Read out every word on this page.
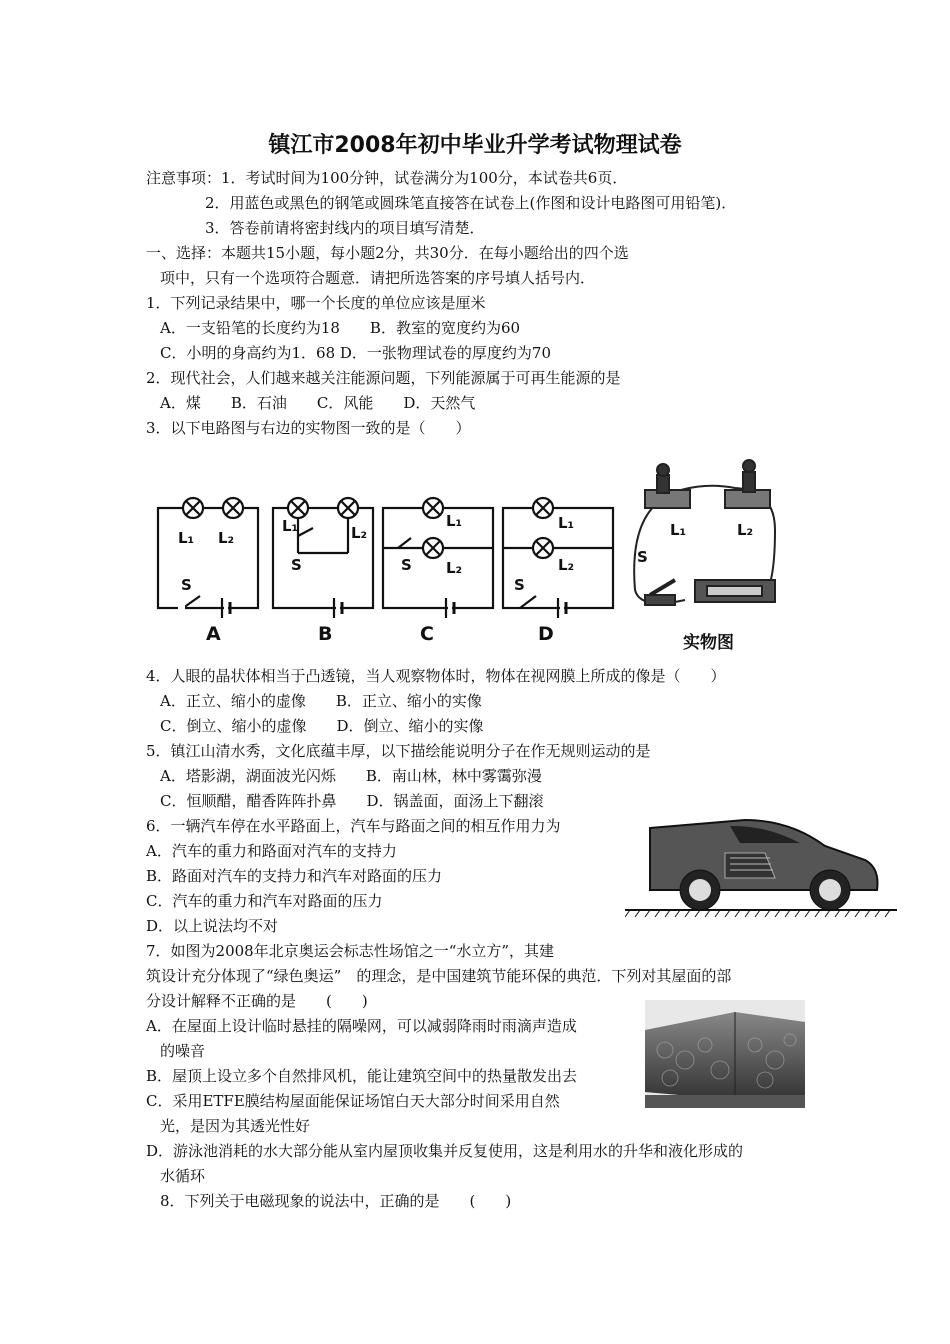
镇江市2008年初中毕业升学考试物理试卷
注意事项：1．考试时间为100分钟，试卷满分为100分，本试卷共6页．
2．用蓝色或黑色的钢笔或圆珠笔直接答在试卷上(作图和设计电路图可用铅笔)．
3．答卷前请将密封线内的项目填写清楚．
一、选择：本题共15小题，每小题2分，共30分．在每小题给出的四个选
项中，只有一个选项符合题意．请把所选答案的序号填人括号内．
1．下列记录结果中，哪一个长度的单位应该是厘米
A．一支铅笔的长度约为18　　B．教室的宽度约为60
C．小明的身高约为1．68 D．一张物理试卷的厚度约为70
2．现代社会，人们越来越关注能源问题，下列能源属于可再生能源的是
A．煤　　B．石油　　C．风能　　D．天然气
3．以下电路图与右边的实物图一致的是（　　）
L₁ L₂
S
L₁	L₂
S
L₁
L₂
S
L₁
L₂
S
A	B	C	D
L₁	L₂
S
实物图
4．人眼的晶状体相当于凸透镜，当人观察物体时，物体在视网膜上所成的像是（　　）
A．正立、缩小的虚像　　B．正立、缩小的实像
C．倒立、缩小的虚像　　D．倒立、缩小的实像
5．镇江山清水秀，文化底蕴丰厚，以下描绘能说明分子在作无规则运动的是
A．塔影湖，湖面波光闪烁　　B．南山林，林中雾霭弥漫
C．恒顺醋，醋香阵阵扑鼻　　D．锅盖面，面汤上下翻滚
6．一辆汽车停在水平路面上，汽车与路面之间的相互作用力为
A．汽车的重力和路面对汽车的支持力
B．路面对汽车的支持力和汽车对路面的压力
C．汽车的重力和汽车对路面的压力
D．以上说法均不对
7．如图为2008年北京奥运会标志性场馆之一“水立方”，其建
筑设计充分体现了“绿色奥运”　的理念，是中国建筑节能环保的典范．下列对其屋面的部
分设计解释不正确的是　　(　　)
A．在屋面上设计临时悬挂的隔噪网，可以减弱降雨时雨滴声造成
的噪音
B．屋顶上设立多个自然排风机，能让建筑空间中的热量散发出去
C．采用ETFE膜结构屋面能保证场馆白天大部分时间采用自然
光，是因为其透光性好
D．游泳池消耗的水大部分能从室内屋顶收集并反复使用，这是利用水的升华和液化形成的
水循环
8．下列关于电磁现象的说法中，正确的是　　(　　)
